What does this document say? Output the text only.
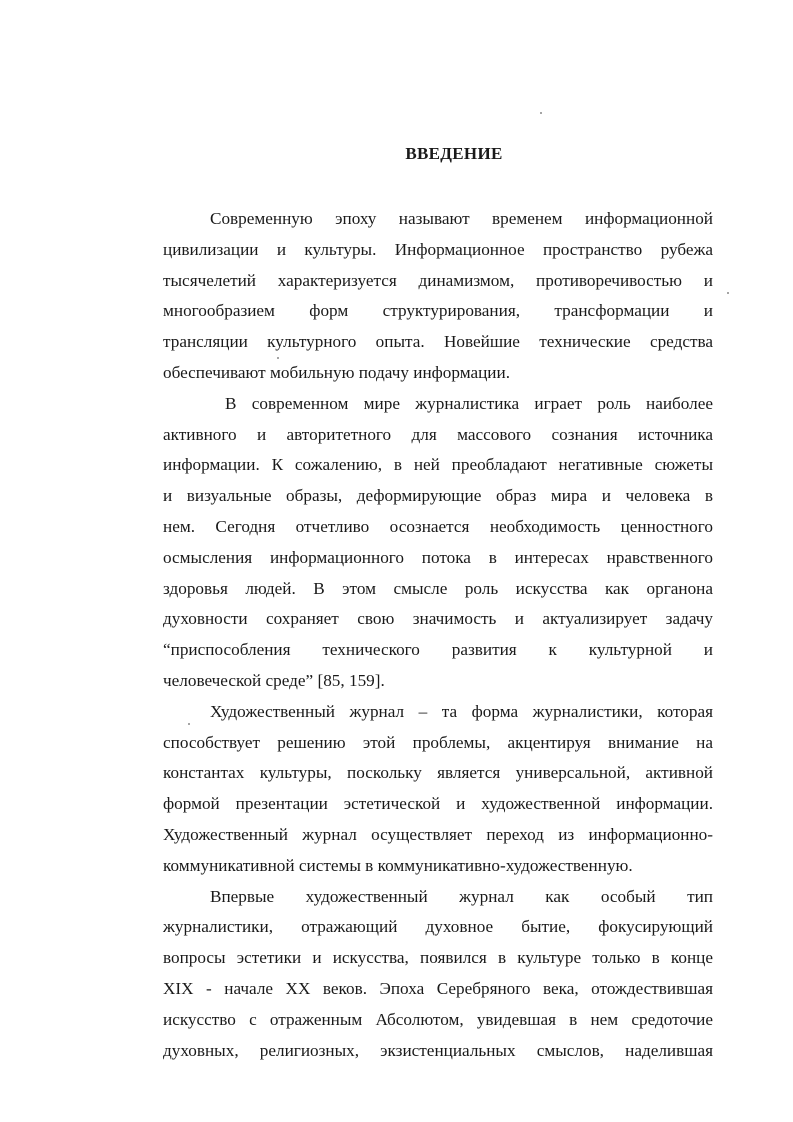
ВВЕДЕНИЕ
Современную эпоху называют временем информационной
цивилизации и культуры. Информационное пространство рубежа
тысячелетий характеризуется динамизмом, противоречивостью и
многообразием форм структурирования, трансформации и
трансляции культурного опыта. Новейшие технические средства
обеспечивают мобильную подачу информации.
В современном мире журналистика играет роль наиболее
активного и авторитетного для массового сознания источника
информации. К сожалению, в ней преобладают негативные сюжеты
и визуальные образы, деформирующие образ мира и человека в
нем. Сегодня отчетливо осознается необходимость ценностного
осмысления информационного потока в интересах нравственного
здоровья людей. В этом смысле роль искусства как органона
духовности сохраняет свою значимость и актуализирует задачу
“приспособления технического развития к культурной и
человеческой среде” [85, 159].
Художественный журнал – та форма журналистики, которая
способствует решению этой проблемы, акцентируя внимание на
константах культуры, поскольку является универсальной, активной
формой презентации эстетической и художественной информации.
Художественный журнал осуществляет переход из информационно-
коммуникативной системы в коммуникативно-художественную.
Впервые художественный журнал как особый тип
журналистики, отражающий духовное бытие, фокусирующий
вопросы эстетики и искусства, появился в культуре только в конце
XIX - начале XX веков. Эпоха Серебряного века, отождествившая
искусство с отраженным Абсолютом, увидевшая в нем средоточие
духовных, религиозных, экзистенциальных смыслов, наделившая
